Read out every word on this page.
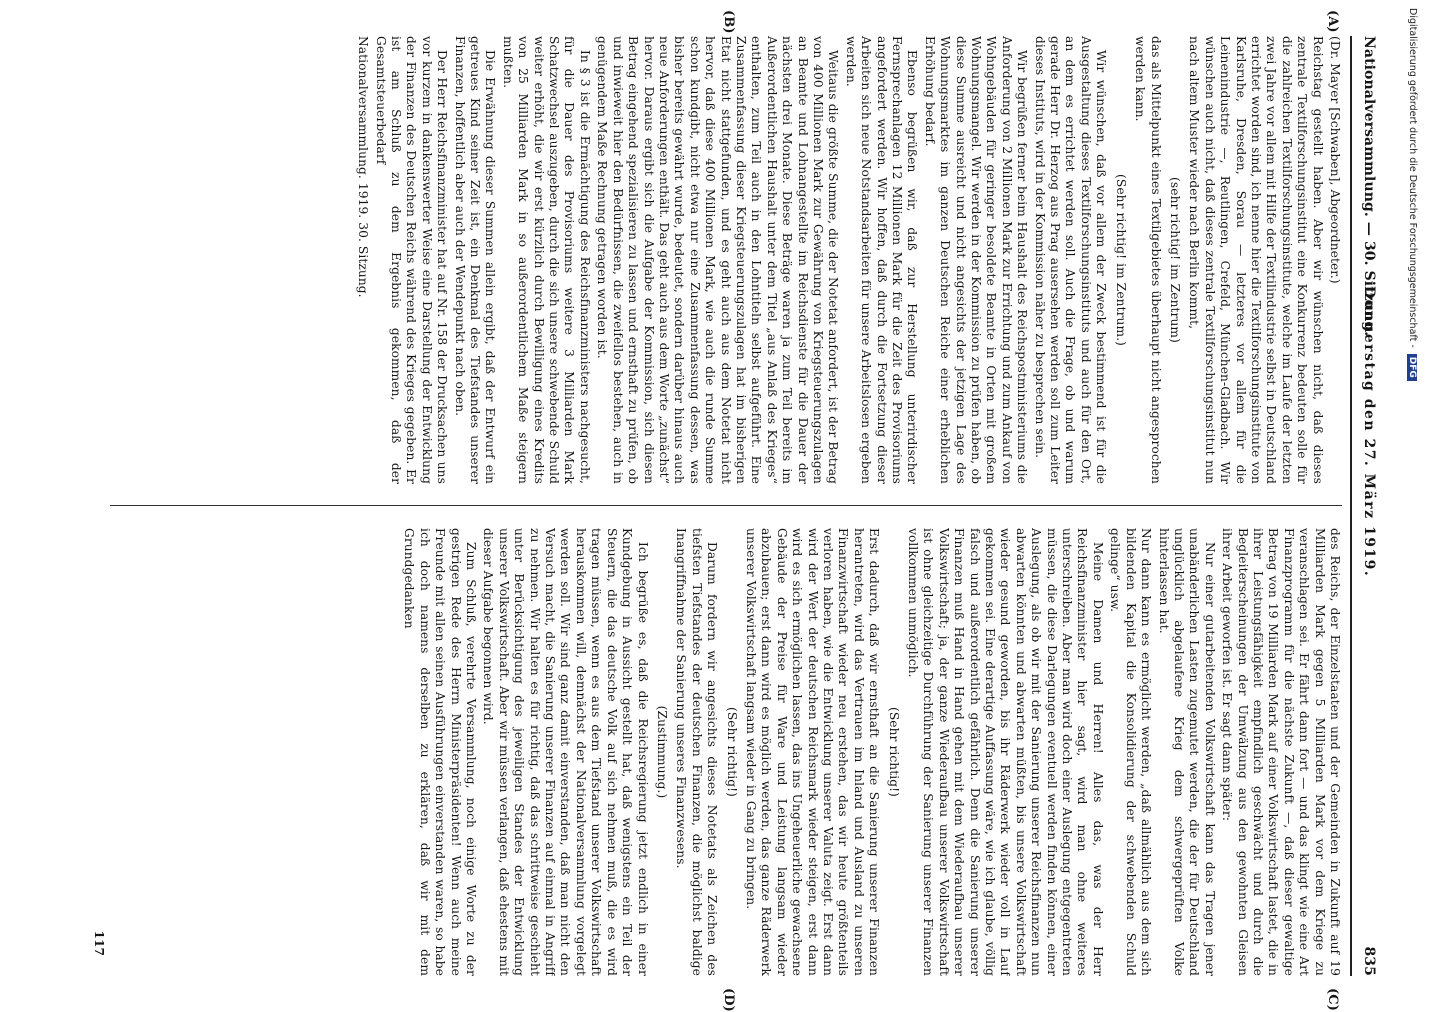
Nationalversammlung. — 30. Sitzung.
Donnerstag den 27. März 1919.
835
(A)
(B)
(C)
(D)

(Dr. Mayer [Schwaben], Abgeordneter.)

Reichstag gestellt haben. Aber wir wünschen nicht, daß dieses zentrale Textilforschungsinstitut eine Konkurrenz bedeuten solle für die zahlreichen Textilforschungsinstitute, welche im Laufe der letzten zwei Jahre vor allem mit Hilfe der Textilindustrie selbst in Deutschland errichtet worden sind, ich nenne hier die Textilforschungsinstitute von Karlsruhe, Dresden, Sorau — letzteres vor allem für die Leinenindustrie —, Reutlingen, Crefeld, München-Gladbach. Wir wünschen auch nicht, daß dieses zentrale Textilforschungsinstitut nun nach altem Muster wieder nach Berlin kommt,

(sehr richtig! im Zentrum)

das als Mittelpunkt eines Textilgebietes überhaupt nicht angesprochen werden kann.

(Sehr richtig! im Zentrum.)

Wir wünschen, daß vor allem der Zweck bestimmend ist für die Ausgestaltung dieses Textilforschungsinstituts und auch für den Ort, an dem es errichtet werden soll. Auch die Frage, ob und warum gerade Herr Dr. Herzog aus Prag ausersehen werden soll zum Leiter dieses Instituts, wird in der Kommission näher zu besprechen sein.

Wir begrüßen ferner beim Haushalt des Reichspostministeriums die Anforderung von 2 Millionen Mark zur Errichtung und zum Ankauf von Wohngebäuden für geringer besoldete Beamte in Orten mit großem Wohnungsmangel. Wir werden in der Kommission zu prüfen haben, ob diese Summe ausreicht und nicht angesichts der jetzigen Lage des Wohnungsmarktes im ganzen Deutschen Reiche einer erheblichen Erhöhung bedarf.

Ebenso begrüßen wir, daß zur Herstellung unterirdischer Fernsprechanlagen 12 Millionen Mark für die Zeit des Provisoriums angefordert werden. Wir hoffen, daß durch die Fortsetzung dieser Arbeiten sich neue Notstandsarbeiten für unsere Arbeitslosen ergeben werden.

Weitaus die größte Summe, die der Notetat anfordert, ist der Betrag von 400 Millionen Mark zur Gewährung von Kriegsteuerungszulagen an Beamte und Lohnangestellte im Reichsdienste für die Dauer der nächsten drei Monate. Diese Beträge waren ja zum Teil bereits im Außerordentlichen Haushalt unter dem Titel „aus Anlaß des Krieges“ enthalten, zum Teil auch in den Lohntiteln selbst aufgeführt. Eine Zusammenfassung dieser Kriegsteuerungszulagen hat im bisherigen Etat nicht stattgefunden, und es geht auch aus dem Notetat nicht hervor, daß diese 400 Millionen Mark, wie auch die runde Summe schon kundgibt, nicht etwa nur eine Zusammenfassung dessen, was bisher bereits gewährt wurde, bedeutet, sondern darüber hinaus auch neue Anforderungen enthält. Das geht auch aus dem Worte „zunächst“ hervor. Daraus ergibt sich die Aufgabe der Kommission, sich diesen Betrag eingehend spezialisieren zu lassen und ernsthaft zu prüfen, ob und inwieweit hier den Bedürfnissen, die zweifellos bestehen, auch in genügendem Maße Rechnung getragen worden ist.

In § 3 ist die Ermächtigung des Reichsfinanzministers nachgesucht, für die Dauer des Provisoriums weitere 3 Milliarden Mark Schatzwechsel auszugeben, durch die sich unsere schwebende Schuld weiter erhöht, die wir erst kürzlich durch Bewilligung eines Kredits von 25 Milliarden Mark in so außerordentlichem Maße steigern mußten.

Die Erwähnung dieser Summen allein ergibt, daß der Entwurf ein getreues Kind seiner Zeit ist, ein Denkmal des Tiefstandes unserer Finanzen, hoffentlich aber auch der Wendepunkt nach oben.

Der Herr Reichsfinanzminister hat auf Nr. 158 der Drucksachen uns vor kurzem in dankenswerter Weise eine Darstellung der Entwicklung der Finanzen des Deutschen Reichs während des Krieges gegeben. Er ist am Schluß zu dem Ergebnis gekommen, daß der Gesamtsteuerbedarf

Nationalversammlung. 1919. 30. Sitzung.

des Reichs, der Einzelstaaten und der Gemeinden in Zukunft auf 19 Milliarden Mark gegen 5 Milliarden Mark vor dem Kriege zu veranschlagen sei. Er fährt dann fort — und das klingt wie eine Art Finanzprogramm für die nächste Zukunft —, daß dieser gewaltige Betrag von 19 Milliarden Mark auf einer Volkswirtschaft lastet, die in ihrer Leistungsfähigkeit empfindlich geschwächt und durch die Begleiterscheinungen der Umwälzung aus den gewohnten Gleisen ihrer Arbeit geworfen ist. Er sagt dann später:

Nur einer gutarbeitenden Volkswirtschaft kann das Tragen jener unabänderlichen Lasten zugemutet werden, die der für Deutschland unglücklich abgelaufene Krieg dem schwergeprüften Volke hinterlassen hat.

Nur dann kann es ermöglicht werden, „daß allmählich aus dem sich bildenden Kapital die Konsolidierung der schwebenden Schuld gelinge“ usw.

Meine Damen und Herren! Alles das, was der Herr Reichsfinanzminister hier sagt, wird man ohne weiteres unterschreiben. Aber man wird doch einer Auslegung entgegentreten müssen, die diese Darlegungen eventuell werden finden können, einer Auslegung, als ob wir mit der Sanierung unserer Reichsfinanzen nun abwarten könnten und abwarten müßten, bis unsere Volkswirtschaft wieder gesund geworden, bis ihr Räderwerk wieder voll in Lauf gekommen sei. Eine derartige Auffassung wäre, wie ich glaube, völlig falsch und außerordentlich gefährlich. Denn die Sanierung unserer Finanzen muß Hand in Hand gehen mit dem Wiederaufbau unserer Volkswirtschaft; ja, der ganze Wiederaufbau unserer Volkswirtschaft ist ohne gleichzeitige Durchführung der Sanierung unserer Finanzen vollkommen unmöglich.

(Sehr richtig!)

Erst dadurch, daß wir ernsthaft an die Sanierung unserer Finanzen herantreten, wird das Vertrauen im Inland und Ausland zu unseren Finanzwirtschaft wieder neu erstehen, das wir heute größtenteils verloren haben, wie die Entwicklung unserer Valuta zeigt. Erst dann wird der Wert der deutschen Reichsmark wieder steigen, erst dann wird es sich ermöglichen lassen, das ins Ungeheuerliche gewachsene Gebäude der Preise für Ware und Leistung langsam wieder abzubauen; erst dann wird es möglich werden, das ganze Räderwerk unserer Volkswirtschaft langsam wieder in Gang zu bringen.

(Sehr richtig!)

Darum fordern wir angesichts dieses Notetats als Zeichen des tiefsten Tiefstandes der deutschen Finanzen, die möglichst baldige Inangriffnahme der Sanierung unseres Finanzwesens.

(Zustimmung.)

Ich begrüße es, daß die Reichsregierung jetzt endlich in einer Kundgebung in Aussicht gestellt hat, daß wenigstens ein Teil der Steuern, die das deutsche Volk auf sich nehmen muß, die es wird tragen müssen, wenn es aus dem Tiefstand unserer Volkswirtschaft herauskommen will, demnächst der Nationalversammlung vorgelegt werden soll. Wir sind ganz damit einverstanden, daß man nicht den Versuch macht, die Sanierung unserer Finanzen auf einmal in Angriff zu nehmen. Wir halten es für richtig, daß das schrittweise geschieht unter Berücksichtigung des jeweiligen Standes der Entwicklung unserer Volkswirtschaft. Aber wir müssen verlangen, daß ehestens mit dieser Aufgabe begonnen wird.

Zum Schluß, verehrte Versammlung, noch einige Worte zu der gestrigen Rede des Herrn Ministerpräsidenten! Wenn auch meine Freunde mit allen seinen Ausführungen einverstanden waren, so habe ich doch namens derselben zu erklären, daß wir mit dem Grundgedanken

117
Digitalisierung gefördert durch die Deutsche Forschungsgemeinschaft -DFG
